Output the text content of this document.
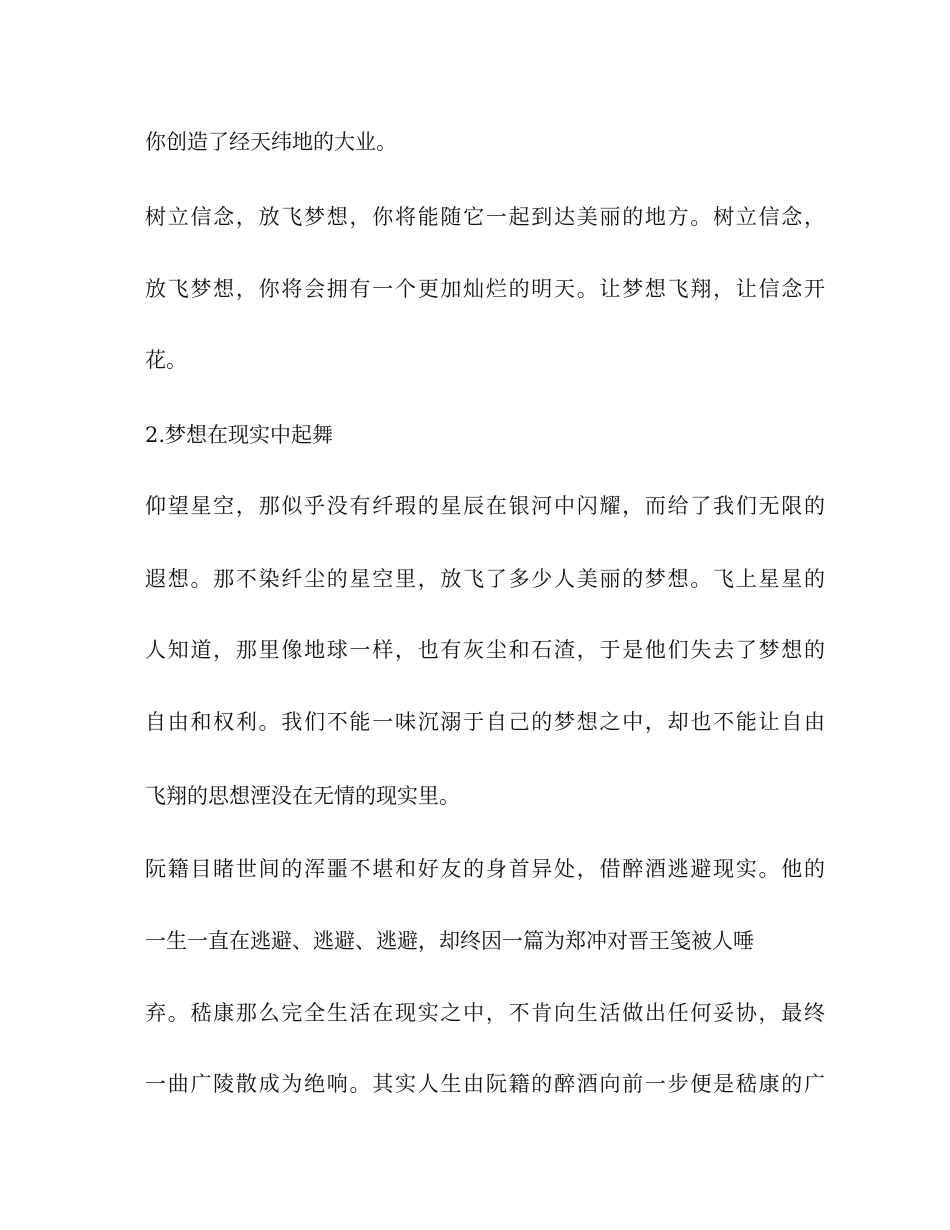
你创造了经天纬地的大业。

树立信念，放飞梦想，你将能随它一起到达美丽的地方。树立信念，

放飞梦想，你将会拥有一个更加灿烂的明天。让梦想飞翔，让信念开

花。

2.梦想在现实中起舞

仰望星空，那似乎没有纤瑕的星辰在银河中闪耀，而给了我们无限的

遐想。那不染纤尘的星空里，放飞了多少人美丽的梦想。飞上星星的

人知道，那里像地球一样，也有灰尘和石渣，于是他们失去了梦想的

自由和权利。我们不能一味沉溺于自己的梦想之中，却也不能让自由

飞翔的思想湮没在无情的现实里。

阮籍目睹世间的浑噩不堪和好友的身首异处，借醉酒逃避现实。他的

一生一直在逃避、逃避、逃避，却终因一篇为郑冲对晋王笺被人唾

弃。嵇康那么完全生活在现实之中，不肯向生活做出任何妥协，最终

一曲广陵散成为绝响。其实人生由阮籍的醉酒向前一步便是嵇康的广
